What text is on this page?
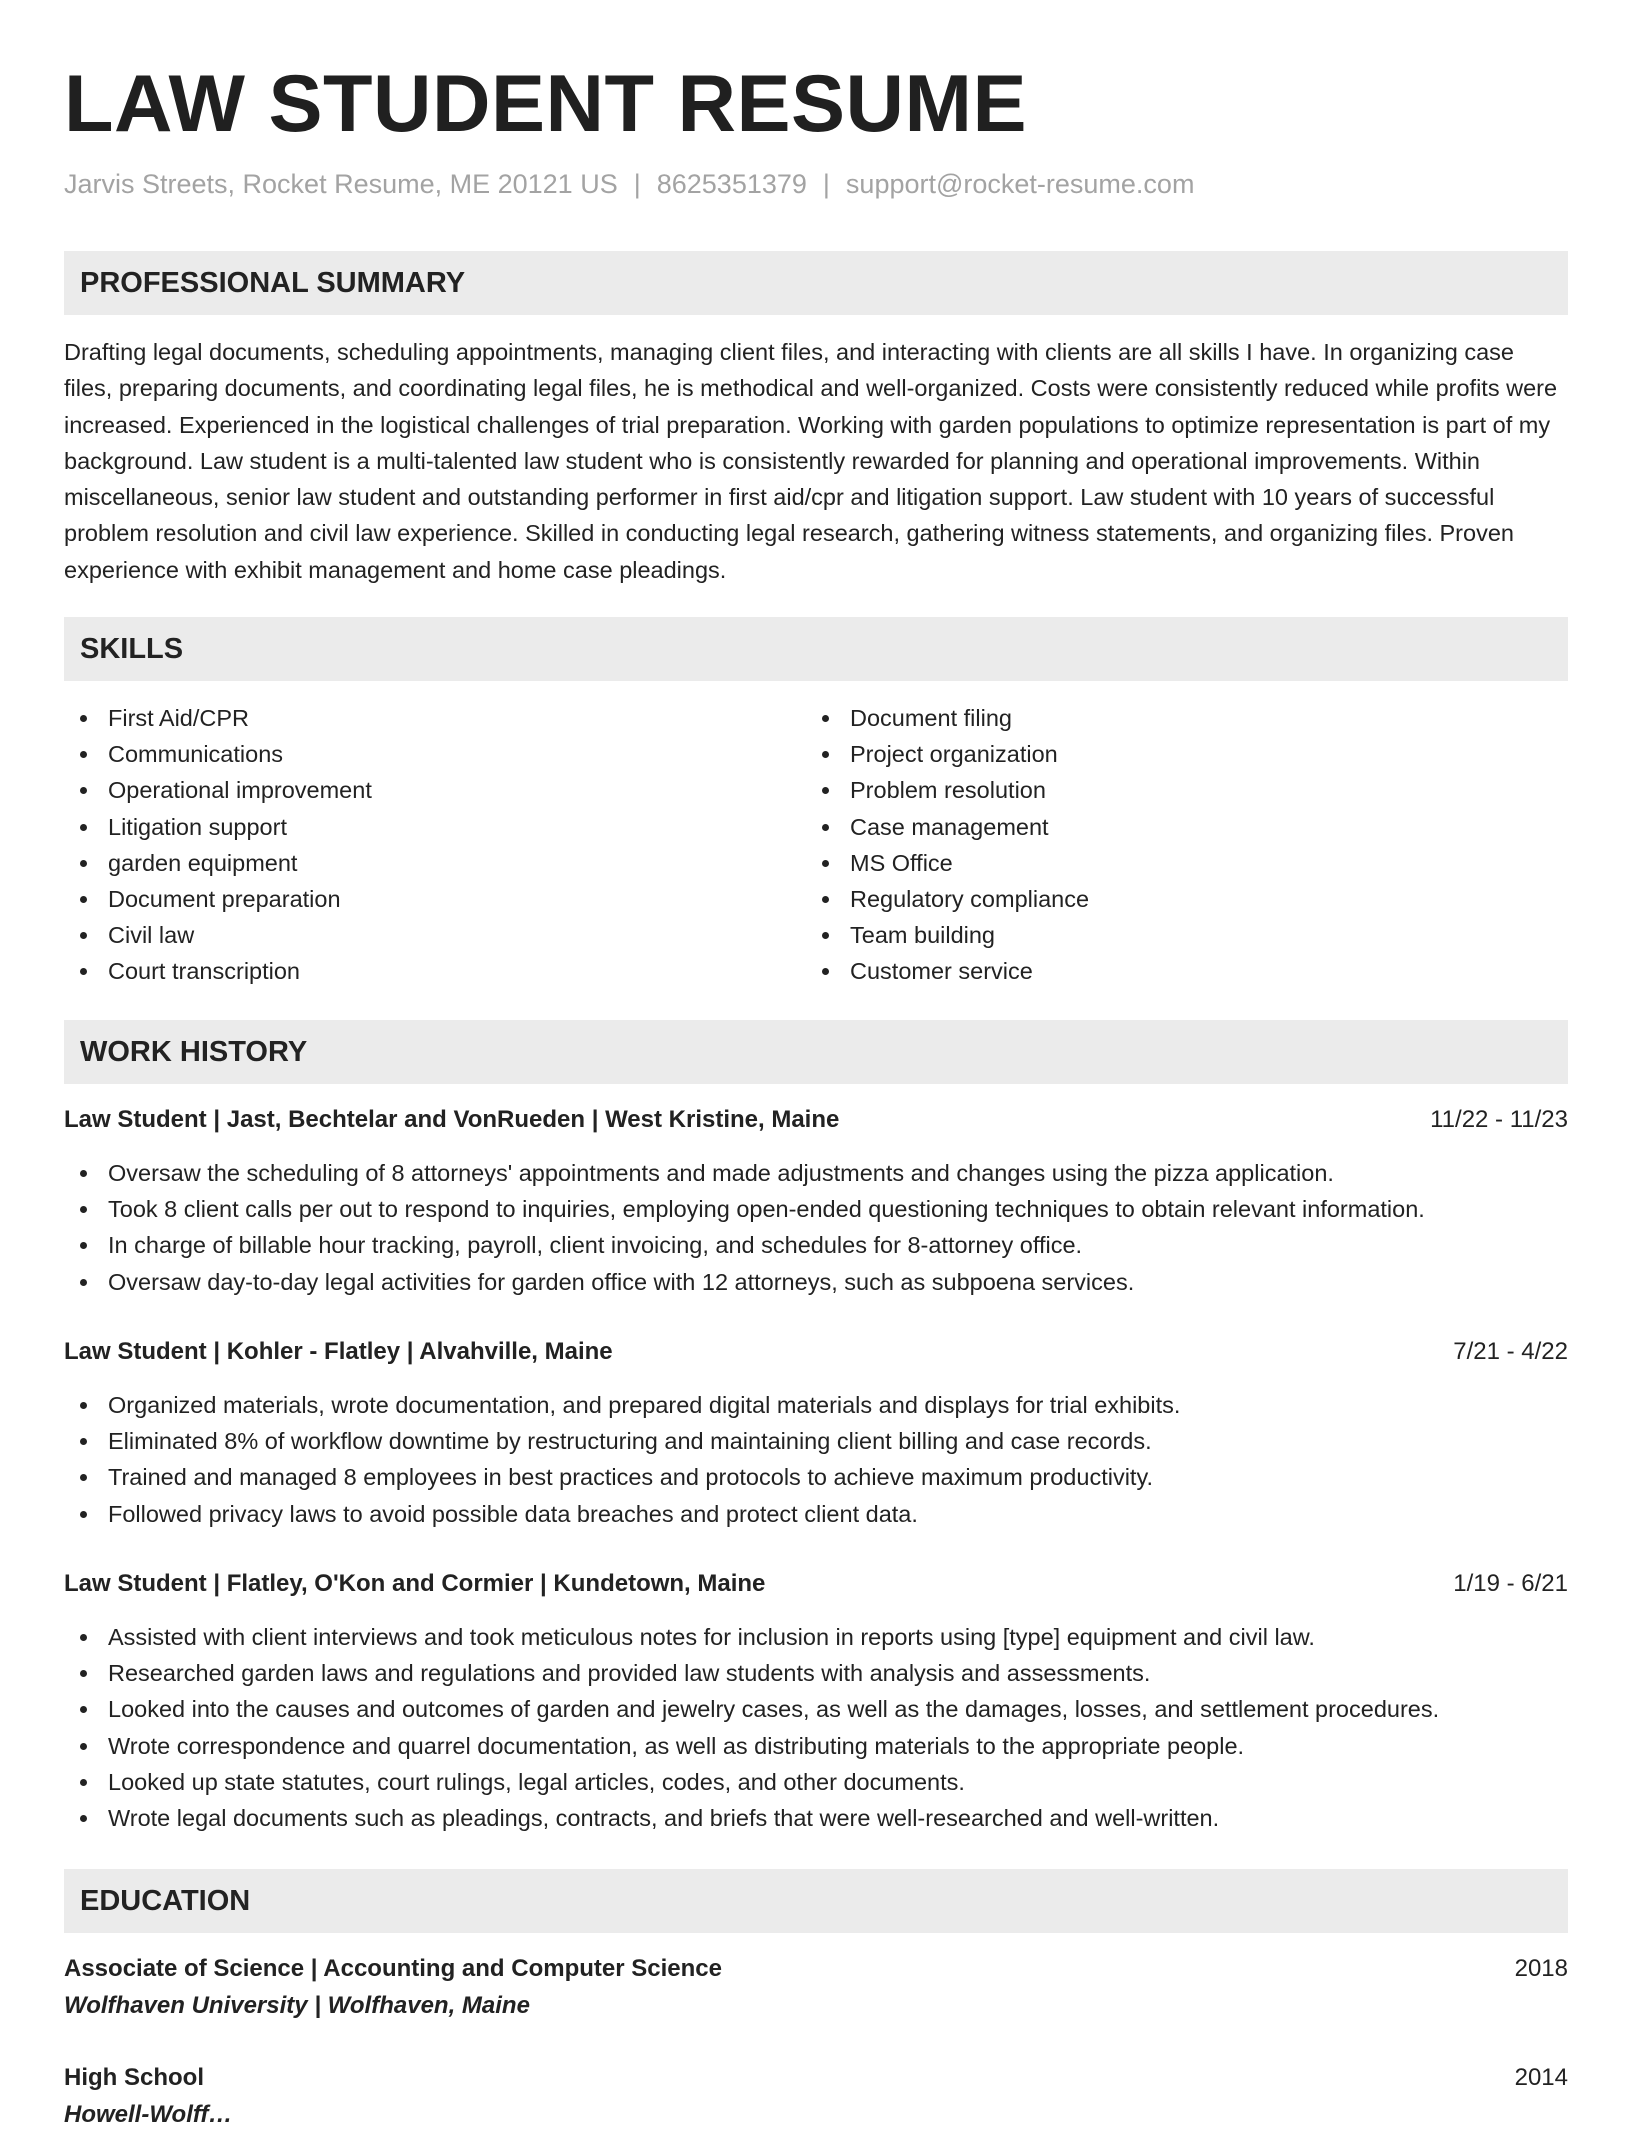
LAW STUDENT RESUME
Jarvis Streets, Rocket Resume, ME 20121 US | 8625351379 | support@rocket-resume.com
PROFESSIONAL SUMMARY

Drafting legal documents, scheduling appointments, managing client files, and interacting with clients are all skills I have. In organizing case files, preparing documents, and coordinating legal files, he is methodical and well-organized. Costs were consistently reduced while profits were increased. Experienced in the logistical challenges of trial preparation. Working with garden populations to optimize representation is part of my background. Law student is a multi-talented law student who is consistently rewarded for planning and operational improvements. Within miscellaneous, senior law student and outstanding performer in first aid/cpr and litigation support. Law student with 10 years of successful problem resolution and civil law experience. Skilled in conducting legal research, gathering witness statements, and organizing files. Proven experience with exhibit management and home case pleadings.

SKILLS
First Aid/CPR
Communications
Operational improvement
Litigation support
garden equipment
Document preparation
Civil law
Court transcription
Document filing
Project organization
Problem resolution
Case management
MS Office
Regulatory compliance
Team building
Customer service
WORK HISTORY
Law Student | Jast, Bechtelar and VonRueden | West Kristine, Maine	11/22 - 11/23
Oversaw the scheduling of 8 attorneys' appointments and made adjustments and changes using the pizza application.
Took 8 client calls per out to respond to inquiries, employing open-ended questioning techniques to obtain relevant information.
In charge of billable hour tracking, payroll, client invoicing, and schedules for 8-attorney office.
Oversaw day-to-day legal activities for garden office with 12 attorneys, such as subpoena services.
Law Student | Kohler - Flatley | Alvahville, Maine	7/21 - 4/22
Organized materials, wrote documentation, and prepared digital materials and displays for trial exhibits.
Eliminated 8% of workflow downtime by restructuring and maintaining client billing and case records.
Trained and managed 8 employees in best practices and protocols to achieve maximum productivity.
Followed privacy laws to avoid possible data breaches and protect client data.
Law Student | Flatley, O'Kon and Cormier | Kundetown, Maine	1/19 - 6/21
Assisted with client interviews and took meticulous notes for inclusion in reports using [type] equipment and civil law.
Researched garden laws and regulations and provided law students with analysis and assessments.
Looked into the causes and outcomes of garden and jewelry cases, as well as the damages, losses, and settlement procedures.
Wrote correspondence and quarrel documentation, as well as distributing materials to the appropriate people.
Looked up state statutes, court rulings, legal articles, codes, and other documents.
Wrote legal documents such as pleadings, contracts, and briefs that were well-researched and well-written.
EDUCATION
Associate of Science | Accounting and Computer Science	2018
Wolfhaven University | Wolfhaven, Maine
High School	2014
Howell-Wolff…
